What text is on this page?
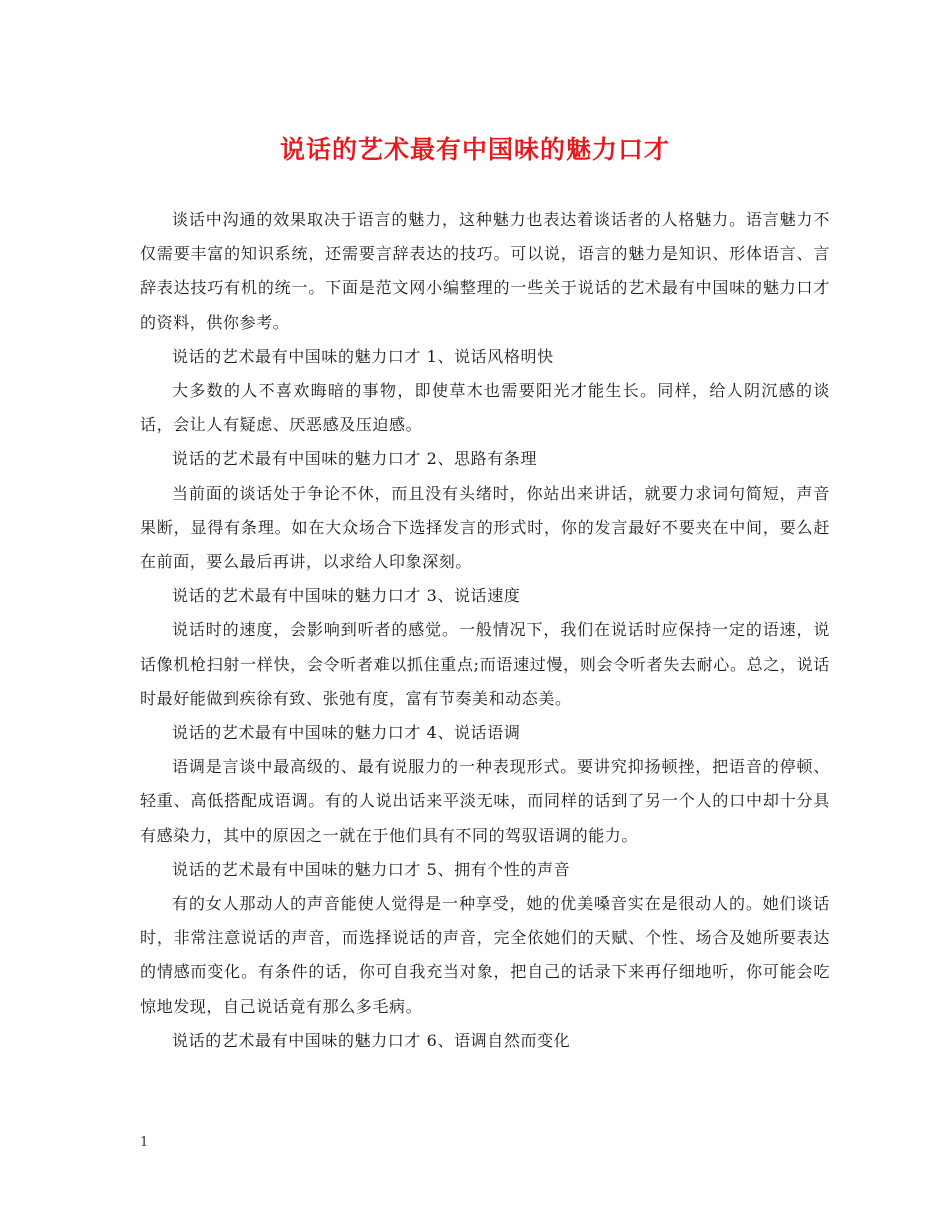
说话的艺术最有中国味的魅力口才

谈话中沟通的效果取决于语言的魅力，这种魅力也表达着谈话者的人格魅力。语言魅力不仅需要丰富的知识系统，还需要言辞表达的技巧。可以说，语言的魅力是知识、形体语言、言辞表达技巧有机的统一。下面是范文网小编整理的一些关于说话的艺术最有中国味的魅力口才的资料，供你参考。

说话的艺术最有中国味的魅力口才 1、说话风格明快

大多数的人不喜欢晦暗的事物，即使草木也需要阳光才能生长。同样，给人阴沉感的谈话，会让人有疑虑、厌恶感及压迫感。

说话的艺术最有中国味的魅力口才 2、思路有条理

当前面的谈话处于争论不休，而且没有头绪时，你站出来讲话，就要力求词句简短，声音果断，显得有条理。如在大众场合下选择发言的形式时，你的发言最好不要夹在中间，要么赶在前面，要么最后再讲，以求给人印象深刻。

说话的艺术最有中国味的魅力口才 3、说话速度

说话时的速度，会影响到听者的感觉。一般情况下，我们在说话时应保持一定的语速，说话像机枪扫射一样快，会令听者难以抓住重点;而语速过慢，则会令听者失去耐心。总之，说话时最好能做到疾徐有致、张弛有度，富有节奏美和动态美。

说话的艺术最有中国味的魅力口才 4、说话语调

语调是言谈中最高级的、最有说服力的一种表现形式。要讲究抑扬顿挫，把语音的停顿、轻重、高低搭配成语调。有的人说出话来平淡无味，而同样的话到了另一个人的口中却十分具有感染力，其中的原因之一就在于他们具有不同的驾驭语调的能力。

说话的艺术最有中国味的魅力口才 5、拥有个性的声音

有的女人那动人的声音能使人觉得是一种享受，她的优美嗓音实在是很动人的。她们谈话时，非常注意说话的声音，而选择说话的声音，完全依她们的天赋、个性、场合及她所要表达的情感而变化。有条件的话，你可自我充当对象，把自己的话录下来再仔细地听，你可能会吃惊地发现，自己说话竟有那么多毛病。

说话的艺术最有中国味的魅力口才 6、语调自然而变化

1
